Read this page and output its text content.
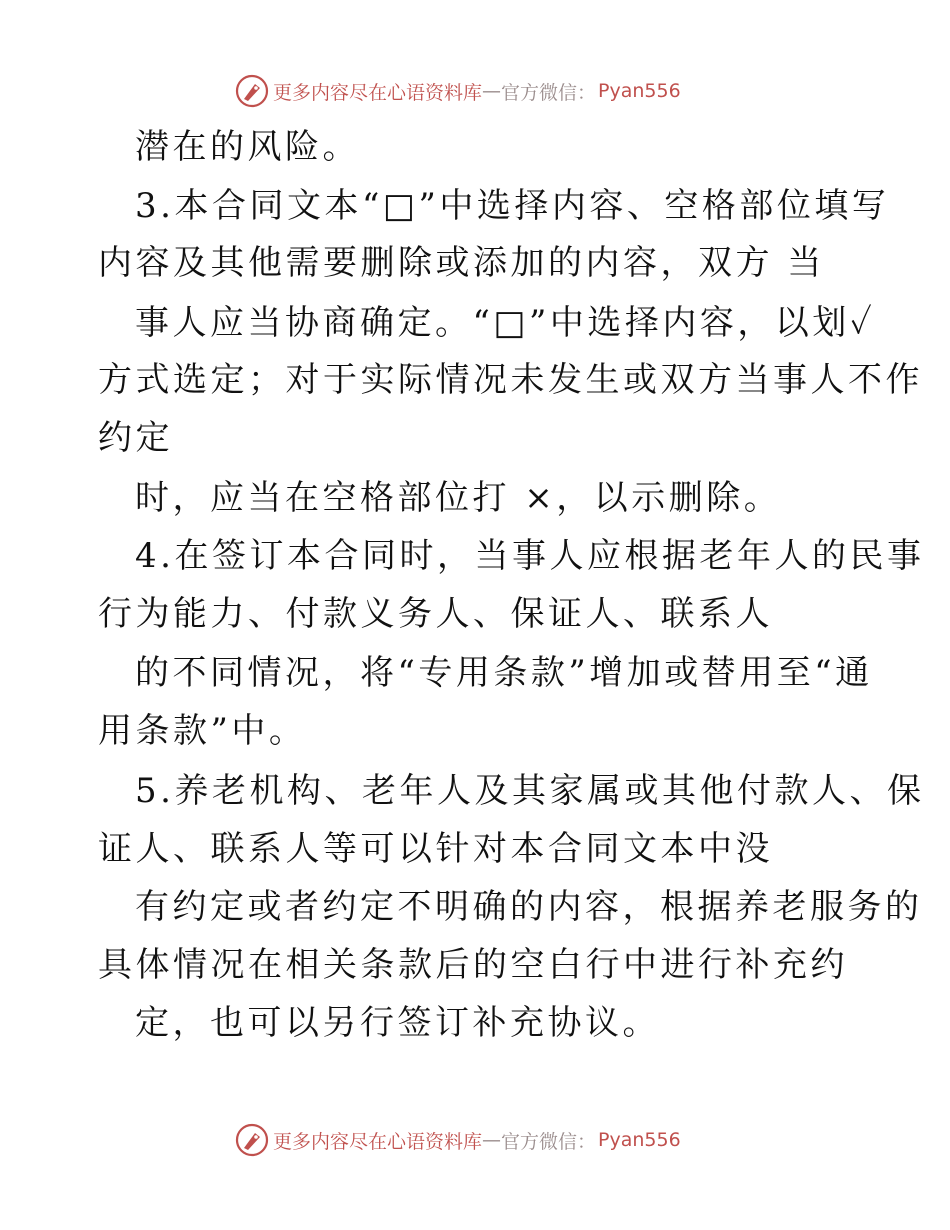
更多内容尽在心语资料库 — 官方微信： Pyan556
潜在的风险。
3.本合同文本“□”中选择内容、空格部位填写
内容及其他需要删除或添加的内容，双方 当
事人应当协商确定。“□”中选择内容，以划✓
方式选定；对于实际情况未发生或双方当事人不作
约定
时，应当在空格部位打 ×，以示删除。
4.在签订本合同时，当事人应根据老年人的民事
行为能力、付款义务人、保证人、联系人
的不同情况，将“专用条款”增加或替用至“通
用条款”中。
5.养老机构、老年人及其家属或其他付款人、保
证人、联系人等可以针对本合同文本中没
有约定或者约定不明确的内容，根据养老服务的
具体情况在相关条款后的空白行中进行补充约
定，也可以另行签订补充协议。
更多内容尽在心语资料库 — 官方微信： Pyan556
